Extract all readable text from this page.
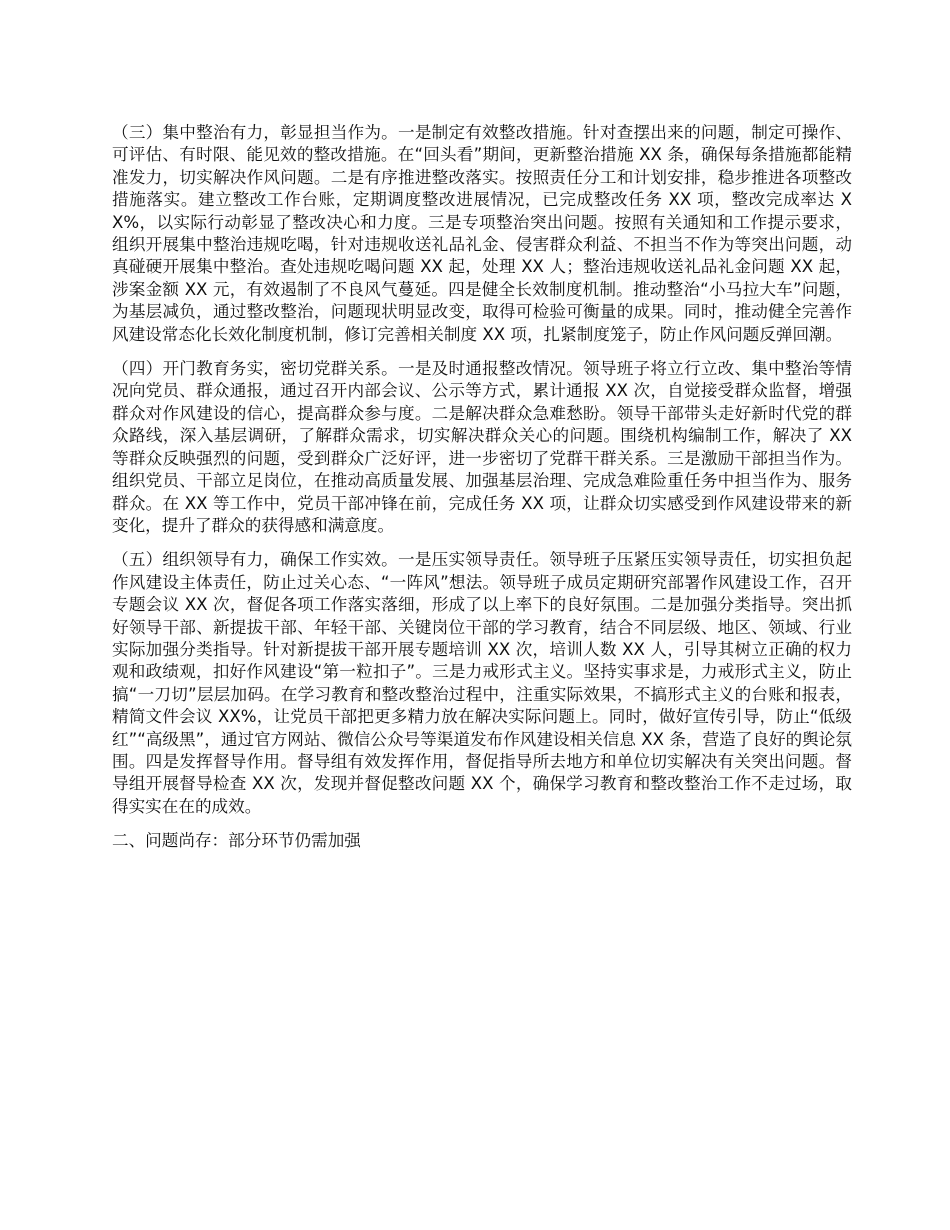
（三）集中整治有力，彰显担当作为。一是制定有效整改措施。针对查摆出来的问题，制定可操作、可评估、有时限、能见效的整改措施。在“回头看”期间，更新整治措施 XX 条，确保每条措施都能精准发力，切实解决作风问题。二是有序推进整改落实。按照责任分工和计划安排，稳步推进各项整改措施落实。建立整改工作台账，定期调度整改进展情况，已完成整改任务 XX 项，整改完成率达 XX%，以实际行动彰显了整改决心和力度。三是专项整治突出问题。按照有关通知和工作提示要求，组织开展集中整治违规吃喝，针对违规收送礼品礼金、侵害群众利益、不担当不作为等突出问题，动真碰硬开展集中整治。查处违规吃喝问题 XX 起，处理 XX 人；整治违规收送礼品礼金问题 XX 起，涉案金额 XX 元，有效遏制了不良风气蔓延。四是健全长效制度机制。推动整治“小马拉大车”问题，为基层减负，通过整改整治，问题现状明显改变，取得可检验可衡量的成果。同时，推动健全完善作风建设常态化长效化制度机制，修订完善相关制度 XX 项，扎紧制度笼子，防止作风问题反弹回潮。

（四）开门教育务实，密切党群关系。一是及时通报整改情况。领导班子将立行立改、集中整治等情况向党员、群众通报，通过召开内部会议、公示等方式，累计通报 XX 次，自觉接受群众监督，增强群众对作风建设的信心，提高群众参与度。二是解决群众急难愁盼。领导干部带头走好新时代党的群众路线，深入基层调研，了解群众需求，切实解决群众关心的问题。围绕机构编制工作，解决了 XX 等群众反映强烈的问题，受到群众广泛好评，进一步密切了党群干群关系。三是激励干部担当作为。组织党员、干部立足岗位，在推动高质量发展、加强基层治理、完成急难险重任务中担当作为、服务群众。在 XX 等工作中，党员干部冲锋在前，完成任务 XX 项，让群众切实感受到作风建设带来的新变化，提升了群众的获得感和满意度。

（五）组织领导有力，确保工作实效。一是压实领导责任。领导班子压紧压实领导责任，切实担负起作风建设主体责任，防止过关心态、“一阵风”想法。领导班子成员定期研究部署作风建设工作，召开专题会议 XX 次，督促各项工作落实落细，形成了以上率下的良好氛围。二是加强分类指导。突出抓好领导干部、新提拔干部、年轻干部、关键岗位干部的学习教育，结合不同层级、地区、领域、行业实际加强分类指导。针对新提拔干部开展专题培训 XX 次，培训人数 XX 人，引导其树立正确的权力观和政绩观，扣好作风建设“第一粒扣子”。三是力戒形式主义。坚持实事求是，力戒形式主义，防止搞“一刀切”层层加码。在学习教育和整改整治过程中，注重实际效果，不搞形式主义的台账和报表，精简文件会议 XX%，让党员干部把更多精力放在解决实际问题上。同时，做好宣传引导，防止“低级红”“高级黑”，通过官方网站、微信公众号等渠道发布作风建设相关信息 XX 条，营造了良好的舆论氛围。四是发挥督导作用。督导组有效发挥作用，督促指导所去地方和单位切实解决有关突出问题。督导组开展督导检查 XX 次，发现并督促整改问题 XX 个，确保学习教育和整改整治工作不走过场，取得实实在在的成效。

二、问题尚存：部分环节仍需加强
